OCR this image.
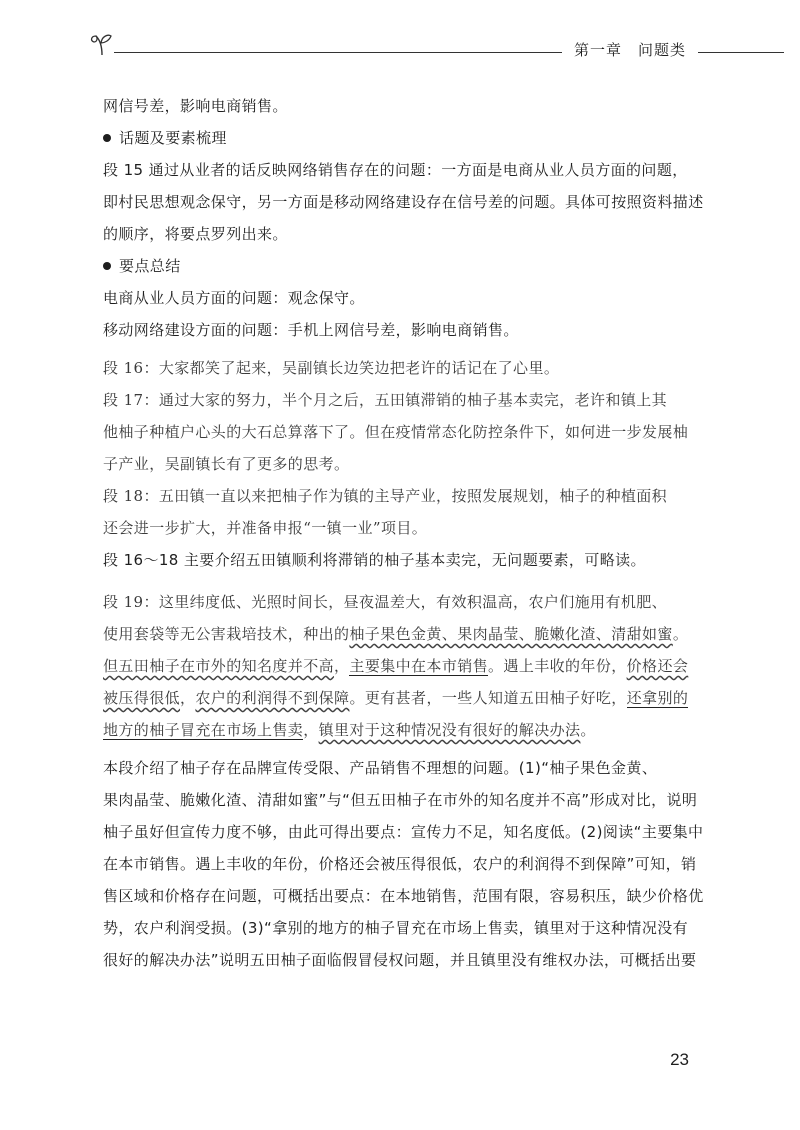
第一章　问题类
网信号差，影响电商销售。
话题及要素梳理
段 15 通过从业者的话反映网络销售存在的问题：一方面是电商从业人员方面的问题，
即村民思想观念保守，另一方面是移动网络建设存在信号差的问题。具体可按照资料描述
的顺序，将要点罗列出来。
要点总结
电商从业人员方面的问题：观念保守。
移动网络建设方面的问题：手机上网信号差，影响电商销售。
段 16：大家都笑了起来，吴副镇长边笑边把老许的话记在了心里。
段 17：通过大家的努力，半个月之后，五田镇滞销的柚子基本卖完，老许和镇上其
他柚子种植户心头的大石总算落下了。但在疫情常态化防控条件下，如何进一步发展柚
子产业，吴副镇长有了更多的思考。
段 18：五田镇一直以来把柚子作为镇的主导产业，按照发展规划，柚子的种植面积
还会进一步扩大，并准备申报“一镇一业”项目。
段 16～18 主要介绍五田镇顺利将滞销的柚子基本卖完，无问题要素，可略读。
段 19：这里纬度低、光照时间长，昼夜温差大，有效积温高，农户们施用有机肥、
使用套袋等无公害栽培技术，种出的柚子果色金黄、果肉晶莹、脆嫩化渣、清甜如蜜。
但五田柚子在市外的知名度并不高，主要集中在本市销售。遇上丰收的年份，价格还会
被压得很低，农户的利润得不到保障。更有甚者，一些人知道五田柚子好吃，还拿别的
地方的柚子冒充在市场上售卖，镇里对于这种情况没有很好的解决办法。
本段介绍了柚子存在品牌宣传受限、产品销售不理想的问题。(1)“柚子果色金黄、
果肉晶莹、脆嫩化渣、清甜如蜜”与“但五田柚子在市外的知名度并不高”形成对比，说明
柚子虽好但宣传力度不够，由此可得出要点：宣传力不足，知名度低。(2)阅读“主要集中
在本市销售。遇上丰收的年份，价格还会被压得很低，农户的利润得不到保障”可知，销
售区域和价格存在问题，可概括出要点：在本地销售，范围有限，容易积压，缺少价格优
势，农户利润受损。(3)“拿别的地方的柚子冒充在市场上售卖，镇里对于这种情况没有
很好的解决办法”说明五田柚子面临假冒侵权问题，并且镇里没有维权办法，可概括出要
23
